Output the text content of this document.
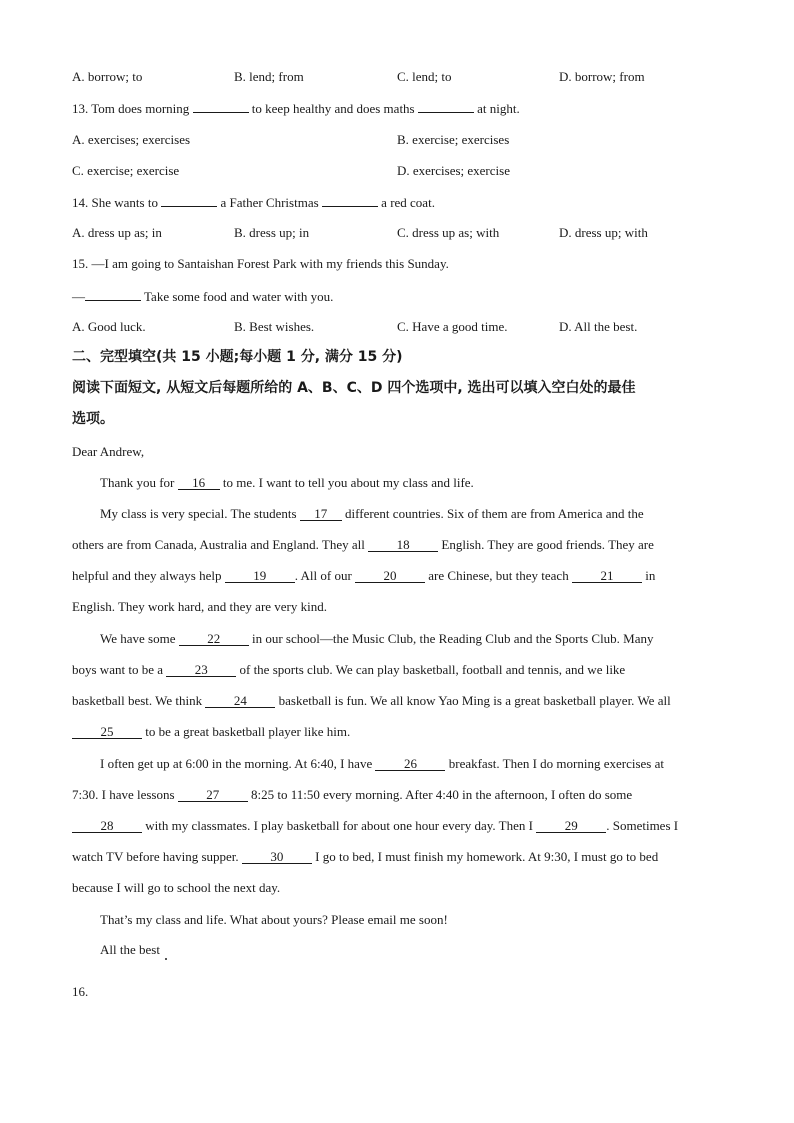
A. borrow; to	B. lend; from	C. lend; to	D. borrow; from
13. Tom does morning	to keep healthy and does maths	at night.
A. exercises; exercises	B. exercise; exercises
C. exercise; exercise	D. exercises; exercise
14. She wants to	a Father Christmas	a red coat.
A. dress up as; in	B. dress up; in	C. dress up as; with	D. dress up; with
15. —I am going to Santaishan Forest Park with my friends this Sunday.
—	Take some food and water with you.
A. Good luck.	B. Best wishes.	C. Have a good time.	D. All the best.
二、完型填空(共 15 小题;每小题 1 分, 满分 15 分)
阅读下面短文, 从短文后每题所给的 A、B、C、D 四个选项中, 选出可以填入空白处的最佳
选项。
Dear Andrew,
Thank you for 16 to me. I want to tell you about my class and life.
My class is very special. The students 17 different countries. Six of them are from America and the
others are from Canada, Australia and England. They all 18 English. They are good friends. They are
helpful and they always help 19 . All of our 20 are Chinese, but they teach 21 in
English. They work hard, and they are very kind.
We have some 22 in our school—the Music Club, the Reading Club and the Sports Club. Many
boys want to be a 23 of the sports club. We can play basketball, football and tennis, and we like
basketball best. We think 24 basketball is fun. We all know Yao Ming is a great basketball player. We all
25 to be a great basketball player like him.
I often get up at 6:00 in the morning. At 6:40, I have 26 breakfast. Then I do morning exercises at
7:30. I have lessons 27 8:25 to 11:50 every morning. After 4:40 in the afternoon, I often do some
28 with my classmates. I play basketball for about one hour every day. Then I 29 . Sometimes I
watch TV before having supper. 30 I go to bed, I must finish my homework. At 9:30, I must go to bed
because I will go to school the next day.
That’s my class and life. What about yours? Please email me soon!
All the best
16.
